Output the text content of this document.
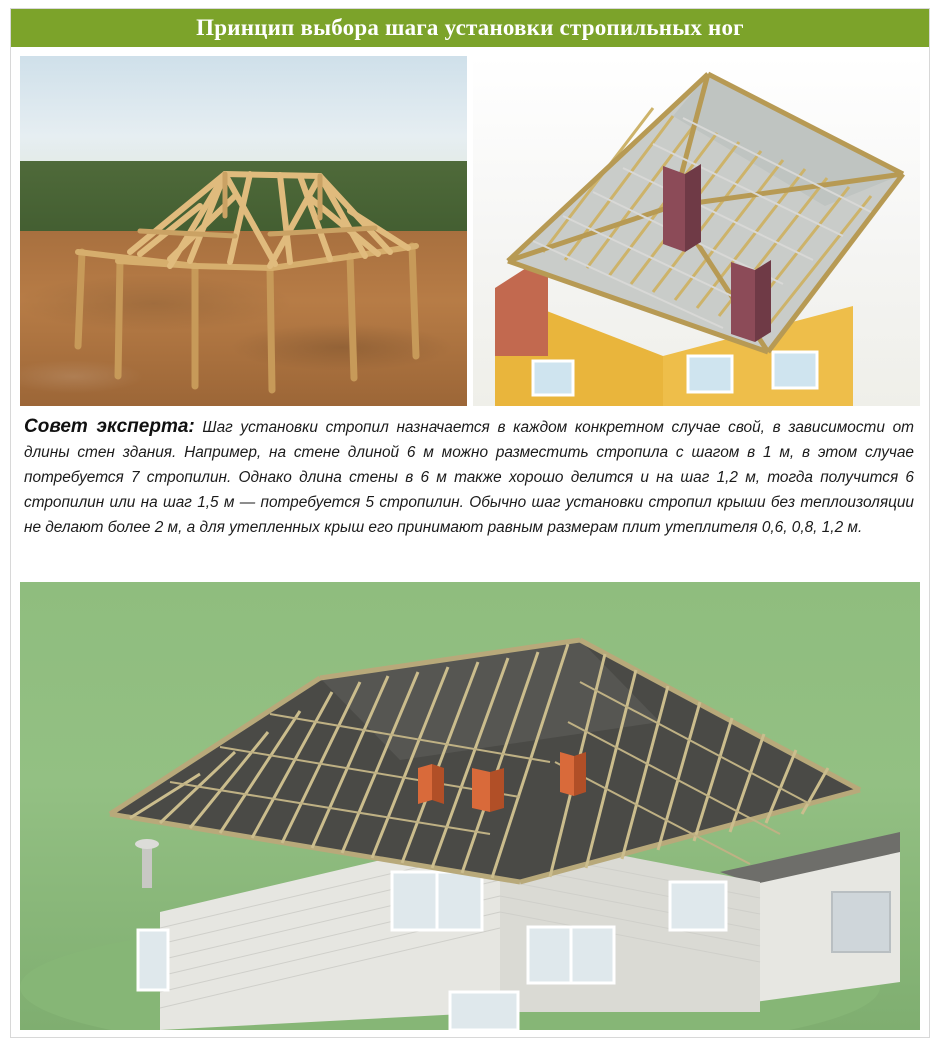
Принцип выбора шага установки стропильных ног
Совет эксперта: Шаг установки стропил назначается в каждом конкретном случае свой, в зависимости от длины стен здания. Например, на стене длиной 6 м можно разместить стропила с шагом в 1 м, в этом случае потребуется 7 стропилин. Однако длина стены в 6 м также хорошо делится и на шаг 1,2 м, тогда получится 6 стропилин или на шаг 1,5 м — потребуется 5 стропилин. Обычно шаг установки стропил крыши без теплоизоляции не делают более 2 м, а для утепленных крыш его принимают равным размерам плит утеплителя 0,6, 0,8, 1,2 м.
